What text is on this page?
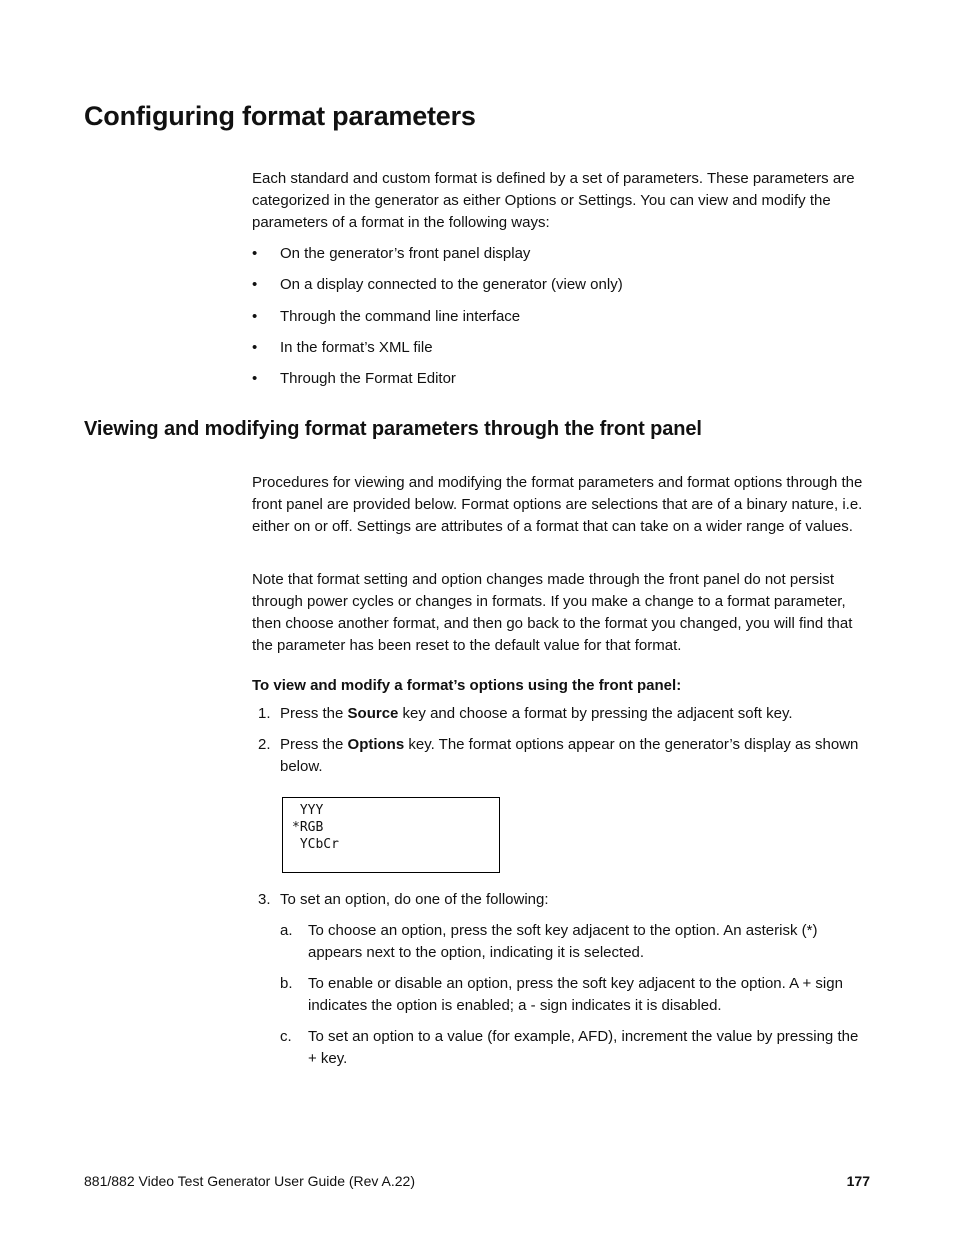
Configuring format parameters

Each standard and custom format is defined by a set of parameters. These parameters are categorized in the generator as either Options or Settings. You can view and modify the parameters of a format in the following ways:

• On the generator’s front panel display
• On a display connected to the generator (view only)
• Through the command line interface
• In the format’s XML file
• Through the Format Editor
Viewing and modifying format parameters through the front panel

Procedures for viewing and modifying the format parameters and format options through the front panel are provided below. Format options are selections that are of a binary nature, i.e. either on or off. Settings are attributes of a format that can take on a wider range of values.

Note that format setting and option changes made through the front panel do not persist through power cycles or changes in formats. If you make a change to a format parameter, then choose another format, and then go back to the format you changed, you will find that the parameter has been reset to the default value for that format.

To view and modify a format’s options using the front panel:
1. Press the Source key and choose a format by pressing the adjacent soft key.
2. Press the Options key. The format options appear on the generator’s display as shown below.
YYY
*RGB
YCbCr
3. To set an option, do one of the following:
a. To choose an option, press the soft key adjacent to the option. An asterisk (*) appears next to the option, indicating it is selected.
b. To enable or disable an option, press the soft key adjacent to the option. A + sign indicates the option is enabled; a - sign indicates it is disabled.
c. To set an option to a value (for example, AFD), increment the value by pressing the + key.
881/882 Video Test Generator User Guide (Rev A.22)	177
